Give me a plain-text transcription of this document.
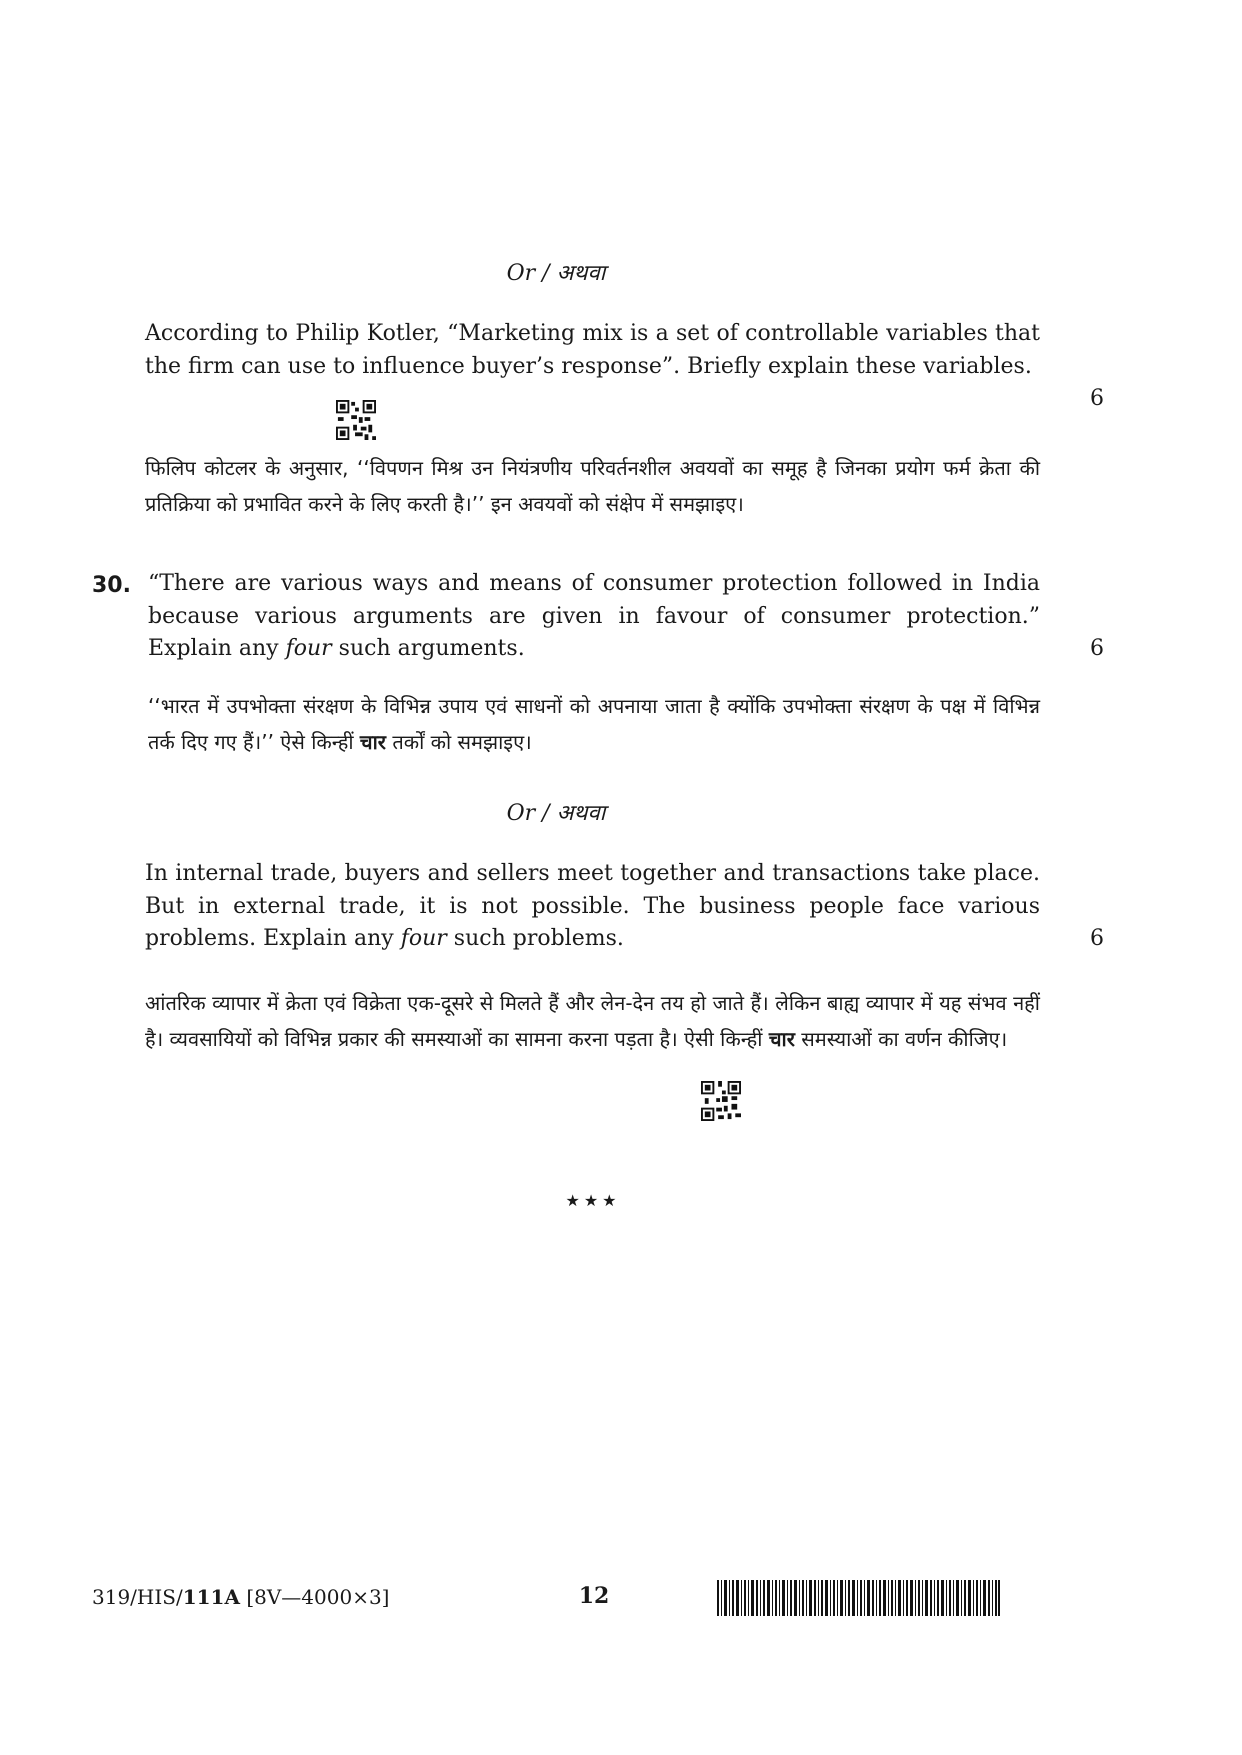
Or / अथवा
According to Philip Kotler, “Marketing mix is a set of controllable variables that the firm can use to influence buyer’s response”. Briefly explain these variables.
6
फिलिप कोटलर के अनुसार, ‘‘विपणन मिश्र उन नियंत्रणीय परिवर्तनशील अवयवों का समूह है जिनका प्रयोग फर्म क्रेता की प्रतिक्रिया को प्रभावित करने के लिए करती है।’’ इन अवयवों को संक्षेप में समझाइए।
30. “There are various ways and means of consumer protection followed in India because various arguments are given in favour of consumer protection.” Explain any four such arguments.	6
‘‘भारत में उपभोक्ता संरक्षण के विभिन्न उपाय एवं साधनों को अपनाया जाता है क्योंकि उपभोक्ता संरक्षण के पक्ष में विभिन्न तर्क दिए गए हैं।’’ ऐसे किन्हीं चार तर्कों को समझाइए।
Or / अथवा
In internal trade, buyers and sellers meet together and transactions take place. But in external trade, it is not possible. The business people face various problems. Explain any four such problems.	6
आंतरिक व्यापार में क्रेता एवं विक्रेता एक-दूसरे से मिलते हैं और लेन-देन तय हो जाते हैं। लेकिन बाह्य व्यापार में यह संभव नहीं है। व्यवसायियों को विभिन्न प्रकार की समस्याओं का सामना करना पड़ता है। ऐसी किन्हीं चार समस्याओं का वर्णन कीजिए।
★★★
319/HIS/111A [8V—4000×3]	12
